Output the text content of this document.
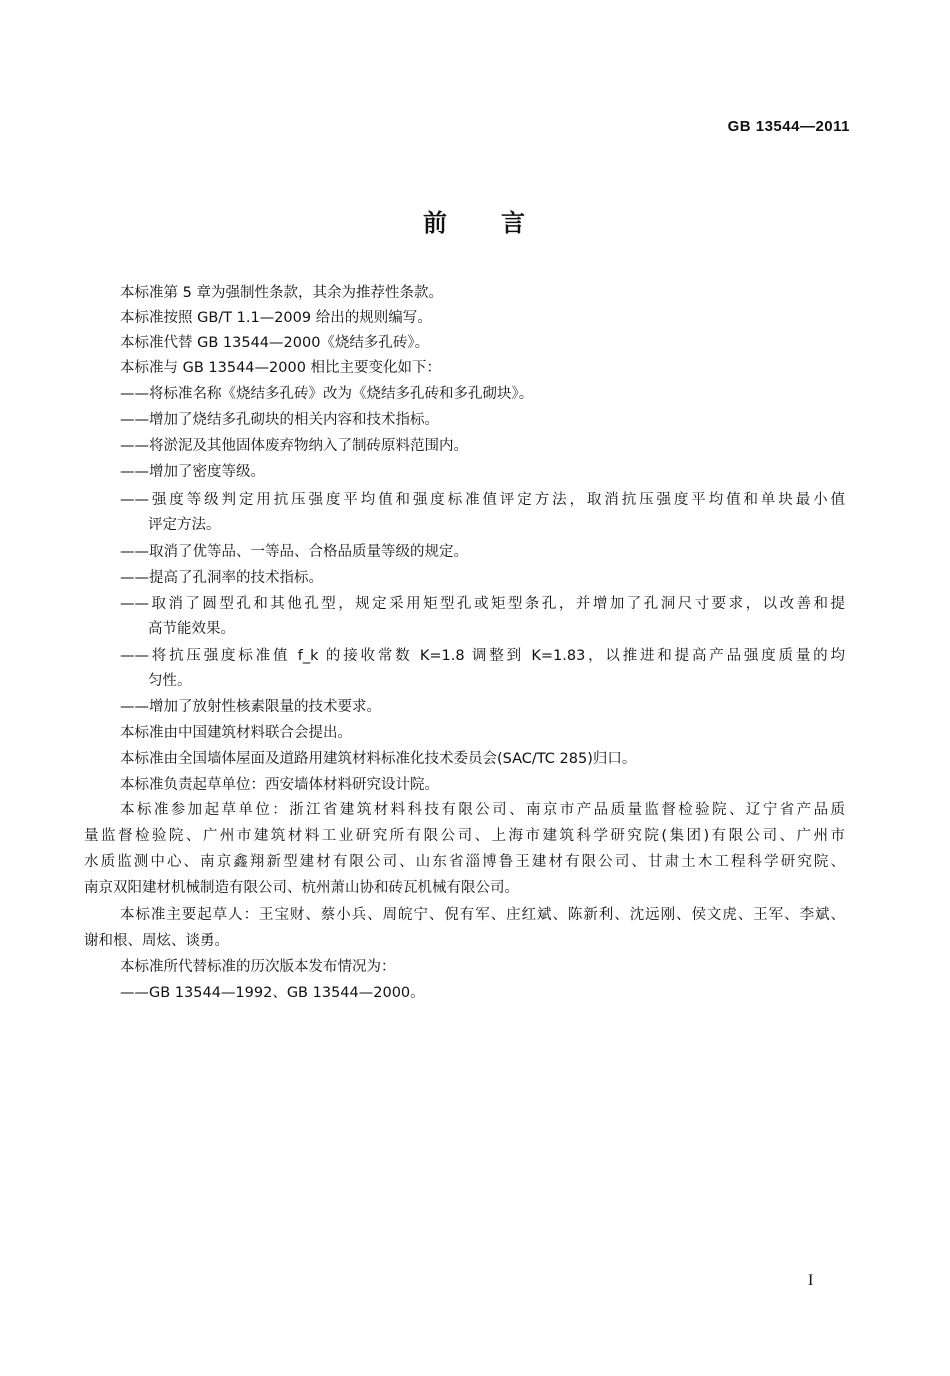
GB 13544—2011
前 言
本标准第 5 章为强制性条款，其余为推荐性条款。
本标准按照 GB/T 1.1—2009 给出的规则编写。
本标准代替 GB 13544—2000《烧结多孔砖》。
本标准与 GB 13544—2000 相比主要变化如下：
——将标准名称《烧结多孔砖》改为《烧结多孔砖和多孔砌块》。
——增加了烧结多孔砌块的相关内容和技术指标。
——将淤泥及其他固体废弃物纳入了制砖原料范围内。
——增加了密度等级。
——强度等级判定用抗压强度平均值和强度标准值评定方法，取消抗压强度平均值和单块最小值
评定方法。
——取消了优等品、一等品、合格品质量等级的规定。
——提高了孔洞率的技术指标。
——取消了圆型孔和其他孔型，规定采用矩型孔或矩型条孔，并增加了孔洞尺寸要求，以改善和提
高节能效果。
——将抗压强度标准值 f_k 的接收常数 K=1.8 调整到 K=1.83，以推进和提高产品强度质量的均
匀性。
——增加了放射性核素限量的技术要求。
本标准由中国建筑材料联合会提出。
本标准由全国墙体屋面及道路用建筑材料标准化技术委员会(SAC/TC 285)归口。
本标准负责起草单位：西安墙体材料研究设计院。
本标准参加起草单位：浙江省建筑材料科技有限公司、南京市产品质量监督检验院、辽宁省产品质
量监督检验院、广州市建筑材料工业研究所有限公司、上海市建筑科学研究院(集团)有限公司、广州市
水质监测中心、南京鑫翔新型建材有限公司、山东省淄博鲁王建材有限公司、甘肃土木工程科学研究院、
南京双阳建材机械制造有限公司、杭州萧山协和砖瓦机械有限公司。
本标准主要起草人：王宝财、蔡小兵、周皖宁、倪有军、庄红斌、陈新利、沈远刚、侯文虎、王军、李斌、
谢和根、周炫、谈勇。
本标准所代替标准的历次版本发布情况为：
——GB 13544—1992、GB 13544—2000。
I
